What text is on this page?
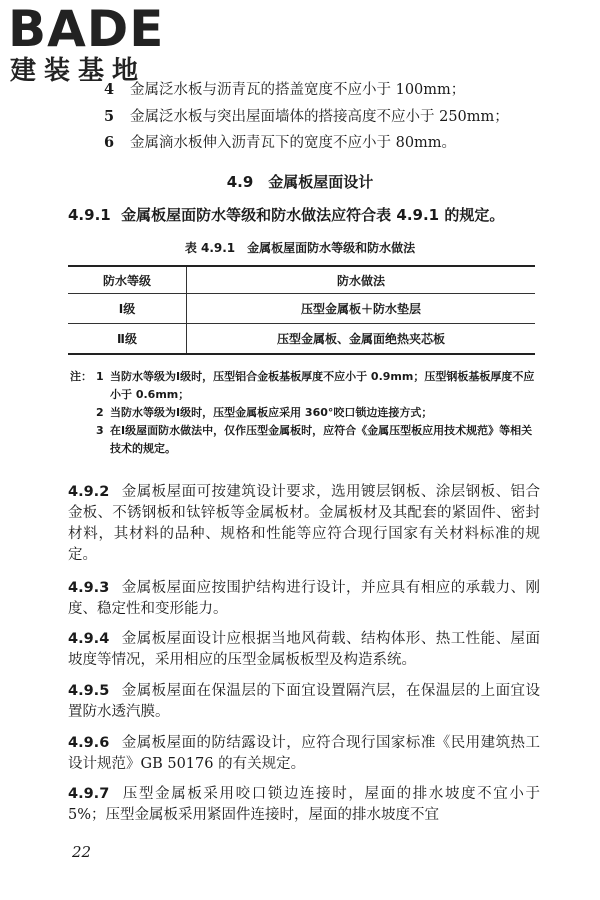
BADE
建装基地
4	金属泛水板与沥青瓦的搭盖宽度不应小于 100mm；
5	金属泛水板与突出屋面墙体的搭接高度不应小于 250mm；
6	金属滴水板伸入沥青瓦下的宽度不应小于 80mm。
4.9　金属板屋面设计
4.9.1 金属板屋面防水等级和防水做法应符合表 4.9.1 的规定。
表 4.9.1　金属板屋面防水等级和防水做法
防水等级	防水做法
Ⅰ级	压型金属板＋防水垫层
Ⅱ级	压型金属板、金属面绝热夹芯板
注： 1 当防水等级为Ⅰ级时，压型铝合金板基板厚度不应小于 0.9mm；压型钢板基板厚度不应小于 0.6mm；
2 当防水等级为Ⅰ级时，压型金属板应采用 360°咬口锁边连接方式；
3 在Ⅰ级屋面防水做法中，仅作压型金属板时，应符合《金属压型板应用技术规范》等相关技术的规定。
4.9.2 金属板屋面可按建筑设计要求，选用镀层钢板、涂层钢板、铝合金板、不锈钢板和钛锌板等金属板材。金属板材及其配套的紧固件、密封材料，其材料的品种、规格和性能等应符合现行国家有关材料标准的规定。
4.9.3 金属板屋面应按围护结构进行设计，并应具有相应的承载力、刚度、稳定性和变形能力。
4.9.4 金属板屋面设计应根据当地风荷载、结构体形、热工性能、屋面坡度等情况，采用相应的压型金属板板型及构造系统。
4.9.5 金属板屋面在保温层的下面宜设置隔汽层，在保温层的上面宜设置防水透汽膜。
4.9.6 金属板屋面的防结露设计，应符合现行国家标准《民用建筑热工设计规范》GB 50176 的有关规定。
4.9.7 压型金属板采用咬口锁边连接时，屋面的排水坡度不宜小于 5%；压型金属板采用紧固件连接时，屋面的排水坡度不宜
22
